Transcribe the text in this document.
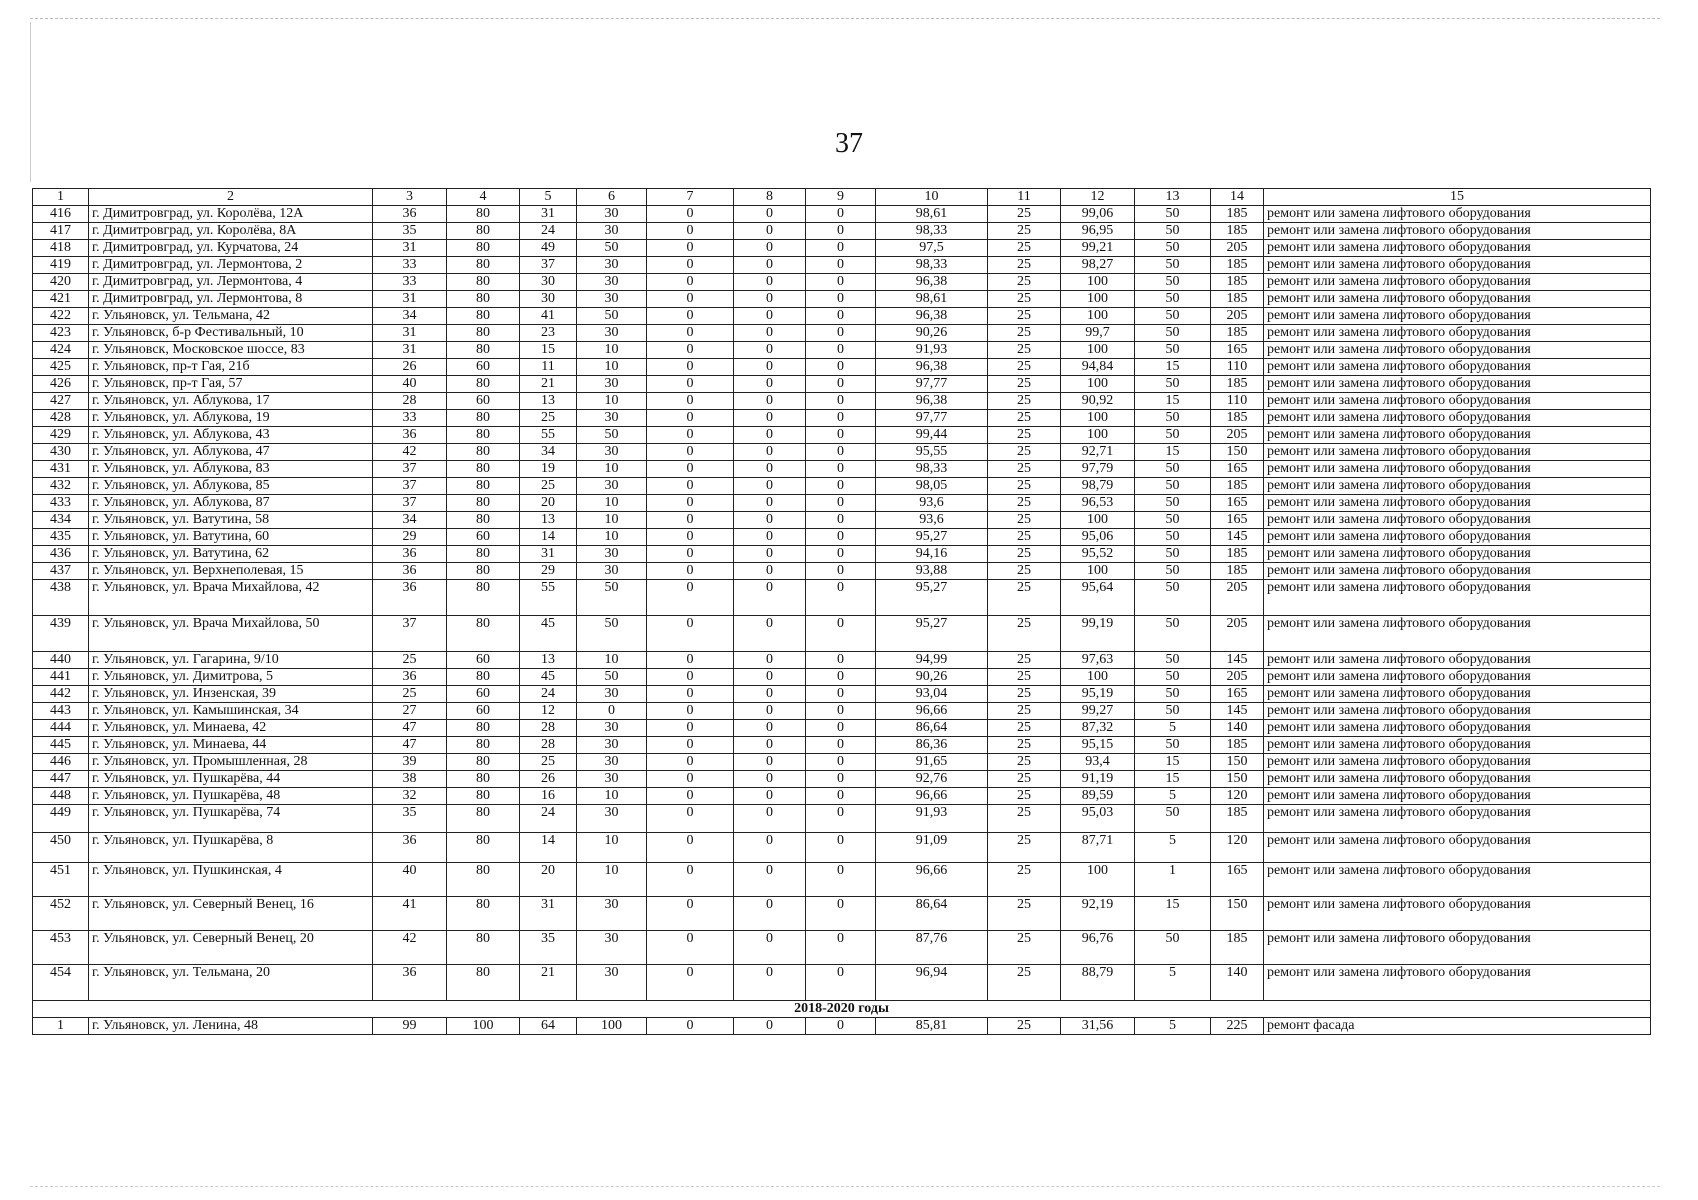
37
1	2	3	4	5	6	7	8	9	10	11	12	13	14	15
416	г. Димитровград, ул. Королёва, 12А	36	80	31	30	0	0	0	98,61	25	99,06	50	185	ремонт или замена лифтового оборудования
417	г. Димитровград, ул. Королёва, 8А	35	80	24	30	0	0	0	98,33	25	96,95	50	185	ремонт или замена лифтового оборудования
418	г. Димитровград, ул. Курчатова, 24	31	80	49	50	0	0	0	97,5	25	99,21	50	205	ремонт или замена лифтового оборудования
419	г. Димитровград, ул. Лермонтова, 2	33	80	37	30	0	0	0	98,33	25	98,27	50	185	ремонт или замена лифтового оборудования
420	г. Димитровград, ул. Лермонтова, 4	33	80	30	30	0	0	0	96,38	25	100	50	185	ремонт или замена лифтового оборудования
421	г. Димитровград, ул. Лермонтова, 8	31	80	30	30	0	0	0	98,61	25	100	50	185	ремонт или замена лифтового оборудования
422	г. Ульяновск, ул. Тельмана, 42	34	80	41	50	0	0	0	96,38	25	100	50	205	ремонт или замена лифтового оборудования
423	г. Ульяновск, б-р Фестивальный, 10	31	80	23	30	0	0	0	90,26	25	99,7	50	185	ремонт или замена лифтового оборудования
424	г. Ульяновск, Московское шоссе, 83	31	80	15	10	0	0	0	91,93	25	100	50	165	ремонт или замена лифтового оборудования
425	г. Ульяновск, пр-т Гая, 21б	26	60	11	10	0	0	0	96,38	25	94,84	15	110	ремонт или замена лифтового оборудования
426	г. Ульяновск, пр-т Гая, 57	40	80	21	30	0	0	0	97,77	25	100	50	185	ремонт или замена лифтового оборудования
427	г. Ульяновск, ул. Аблукова, 17	28	60	13	10	0	0	0	96,38	25	90,92	15	110	ремонт или замена лифтового оборудования
428	г. Ульяновск, ул. Аблукова, 19	33	80	25	30	0	0	0	97,77	25	100	50	185	ремонт или замена лифтового оборудования
429	г. Ульяновск, ул. Аблукова, 43	36	80	55	50	0	0	0	99,44	25	100	50	205	ремонт или замена лифтового оборудования
430	г. Ульяновск, ул. Аблукова, 47	42	80	34	30	0	0	0	95,55	25	92,71	15	150	ремонт или замена лифтового оборудования
431	г. Ульяновск, ул. Аблукова, 83	37	80	19	10	0	0	0	98,33	25	97,79	50	165	ремонт или замена лифтового оборудования
432	г. Ульяновск, ул. Аблукова, 85	37	80	25	30	0	0	0	98,05	25	98,79	50	185	ремонт или замена лифтового оборудования
433	г. Ульяновск, ул. Аблукова, 87	37	80	20	10	0	0	0	93,6	25	96,53	50	165	ремонт или замена лифтового оборудования
434	г. Ульяновск, ул. Ватутина, 58	34	80	13	10	0	0	0	93,6	25	100	50	165	ремонт или замена лифтового оборудования
435	г. Ульяновск, ул. Ватутина, 60	29	60	14	10	0	0	0	95,27	25	95,06	50	145	ремонт или замена лифтового оборудования
436	г. Ульяновск, ул. Ватутина, 62	36	80	31	30	0	0	0	94,16	25	95,52	50	185	ремонт или замена лифтового оборудования
437	г. Ульяновск, ул. Верхнеполевая, 15	36	80	29	30	0	0	0	93,88	25	100	50	185	ремонт или замена лифтового оборудования
438	г. Ульяновск, ул. Врача Михайлова, 42	36	80	55	50	0	0	0	95,27	25	95,64	50	205	ремонт или замена лифтового оборудования
439	г. Ульяновск, ул. Врача Михайлова, 50	37	80	45	50	0	0	0	95,27	25	99,19	50	205	ремонт или замена лифтового оборудования
440	г. Ульяновск, ул. Гагарина, 9/10	25	60	13	10	0	0	0	94,99	25	97,63	50	145	ремонт или замена лифтового оборудования
441	г. Ульяновск, ул. Димитрова, 5	36	80	45	50	0	0	0	90,26	25	100	50	205	ремонт или замена лифтового оборудования
442	г. Ульяновск, ул. Инзенская, 39	25	60	24	30	0	0	0	93,04	25	95,19	50	165	ремонт или замена лифтового оборудования
443	г. Ульяновск, ул. Камышинская, 34	27	60	12	0	0	0	0	96,66	25	99,27	50	145	ремонт или замена лифтового оборудования
444	г. Ульяновск, ул. Минаева, 42	47	80	28	30	0	0	0	86,64	25	87,32	5	140	ремонт или замена лифтового оборудования
445	г. Ульяновск, ул. Минаева, 44	47	80	28	30	0	0	0	86,36	25	95,15	50	185	ремонт или замена лифтового оборудования
446	г. Ульяновск, ул. Промышленная, 28	39	80	25	30	0	0	0	91,65	25	93,4	15	150	ремонт или замена лифтового оборудования
447	г. Ульяновск, ул. Пушкарёва, 44	38	80	26	30	0	0	0	92,76	25	91,19	15	150	ремонт или замена лифтового оборудования
448	г. Ульяновск, ул. Пушкарёва, 48	32	80	16	10	0	0	0	96,66	25	89,59	5	120	ремонт или замена лифтового оборудования
449	г. Ульяновск, ул. Пушкарёва, 74	35	80	24	30	0	0	0	91,93	25	95,03	50	185	ремонт или замена лифтового оборудования
450	г. Ульяновск, ул. Пушкарёва, 8	36	80	14	10	0	0	0	91,09	25	87,71	5	120	ремонт или замена лифтового оборудования
451	г. Ульяновск, ул. Пушкинская, 4	40	80	20	10	0	0	0	96,66	25	100	1	165	ремонт или замена лифтового оборудования
452	г. Ульяновск, ул. Северный Венец, 16	41	80	31	30	0	0	0	86,64	25	92,19	15	150	ремонт или замена лифтового оборудования
453	г. Ульяновск, ул. Северный Венец, 20	42	80	35	30	0	0	0	87,76	25	96,76	50	185	ремонт или замена лифтового оборудования
454	г. Ульяновск, ул. Тельмана, 20	36	80	21	30	0	0	0	96,94	25	88,79	5	140	ремонт или замена лифтового оборудования
2018-2020 годы														
1	г. Ульяновск, ул. Ленина, 48	99	100	64	100	0	0	0	85,81	25	31,56	5	225	ремонт фасада
